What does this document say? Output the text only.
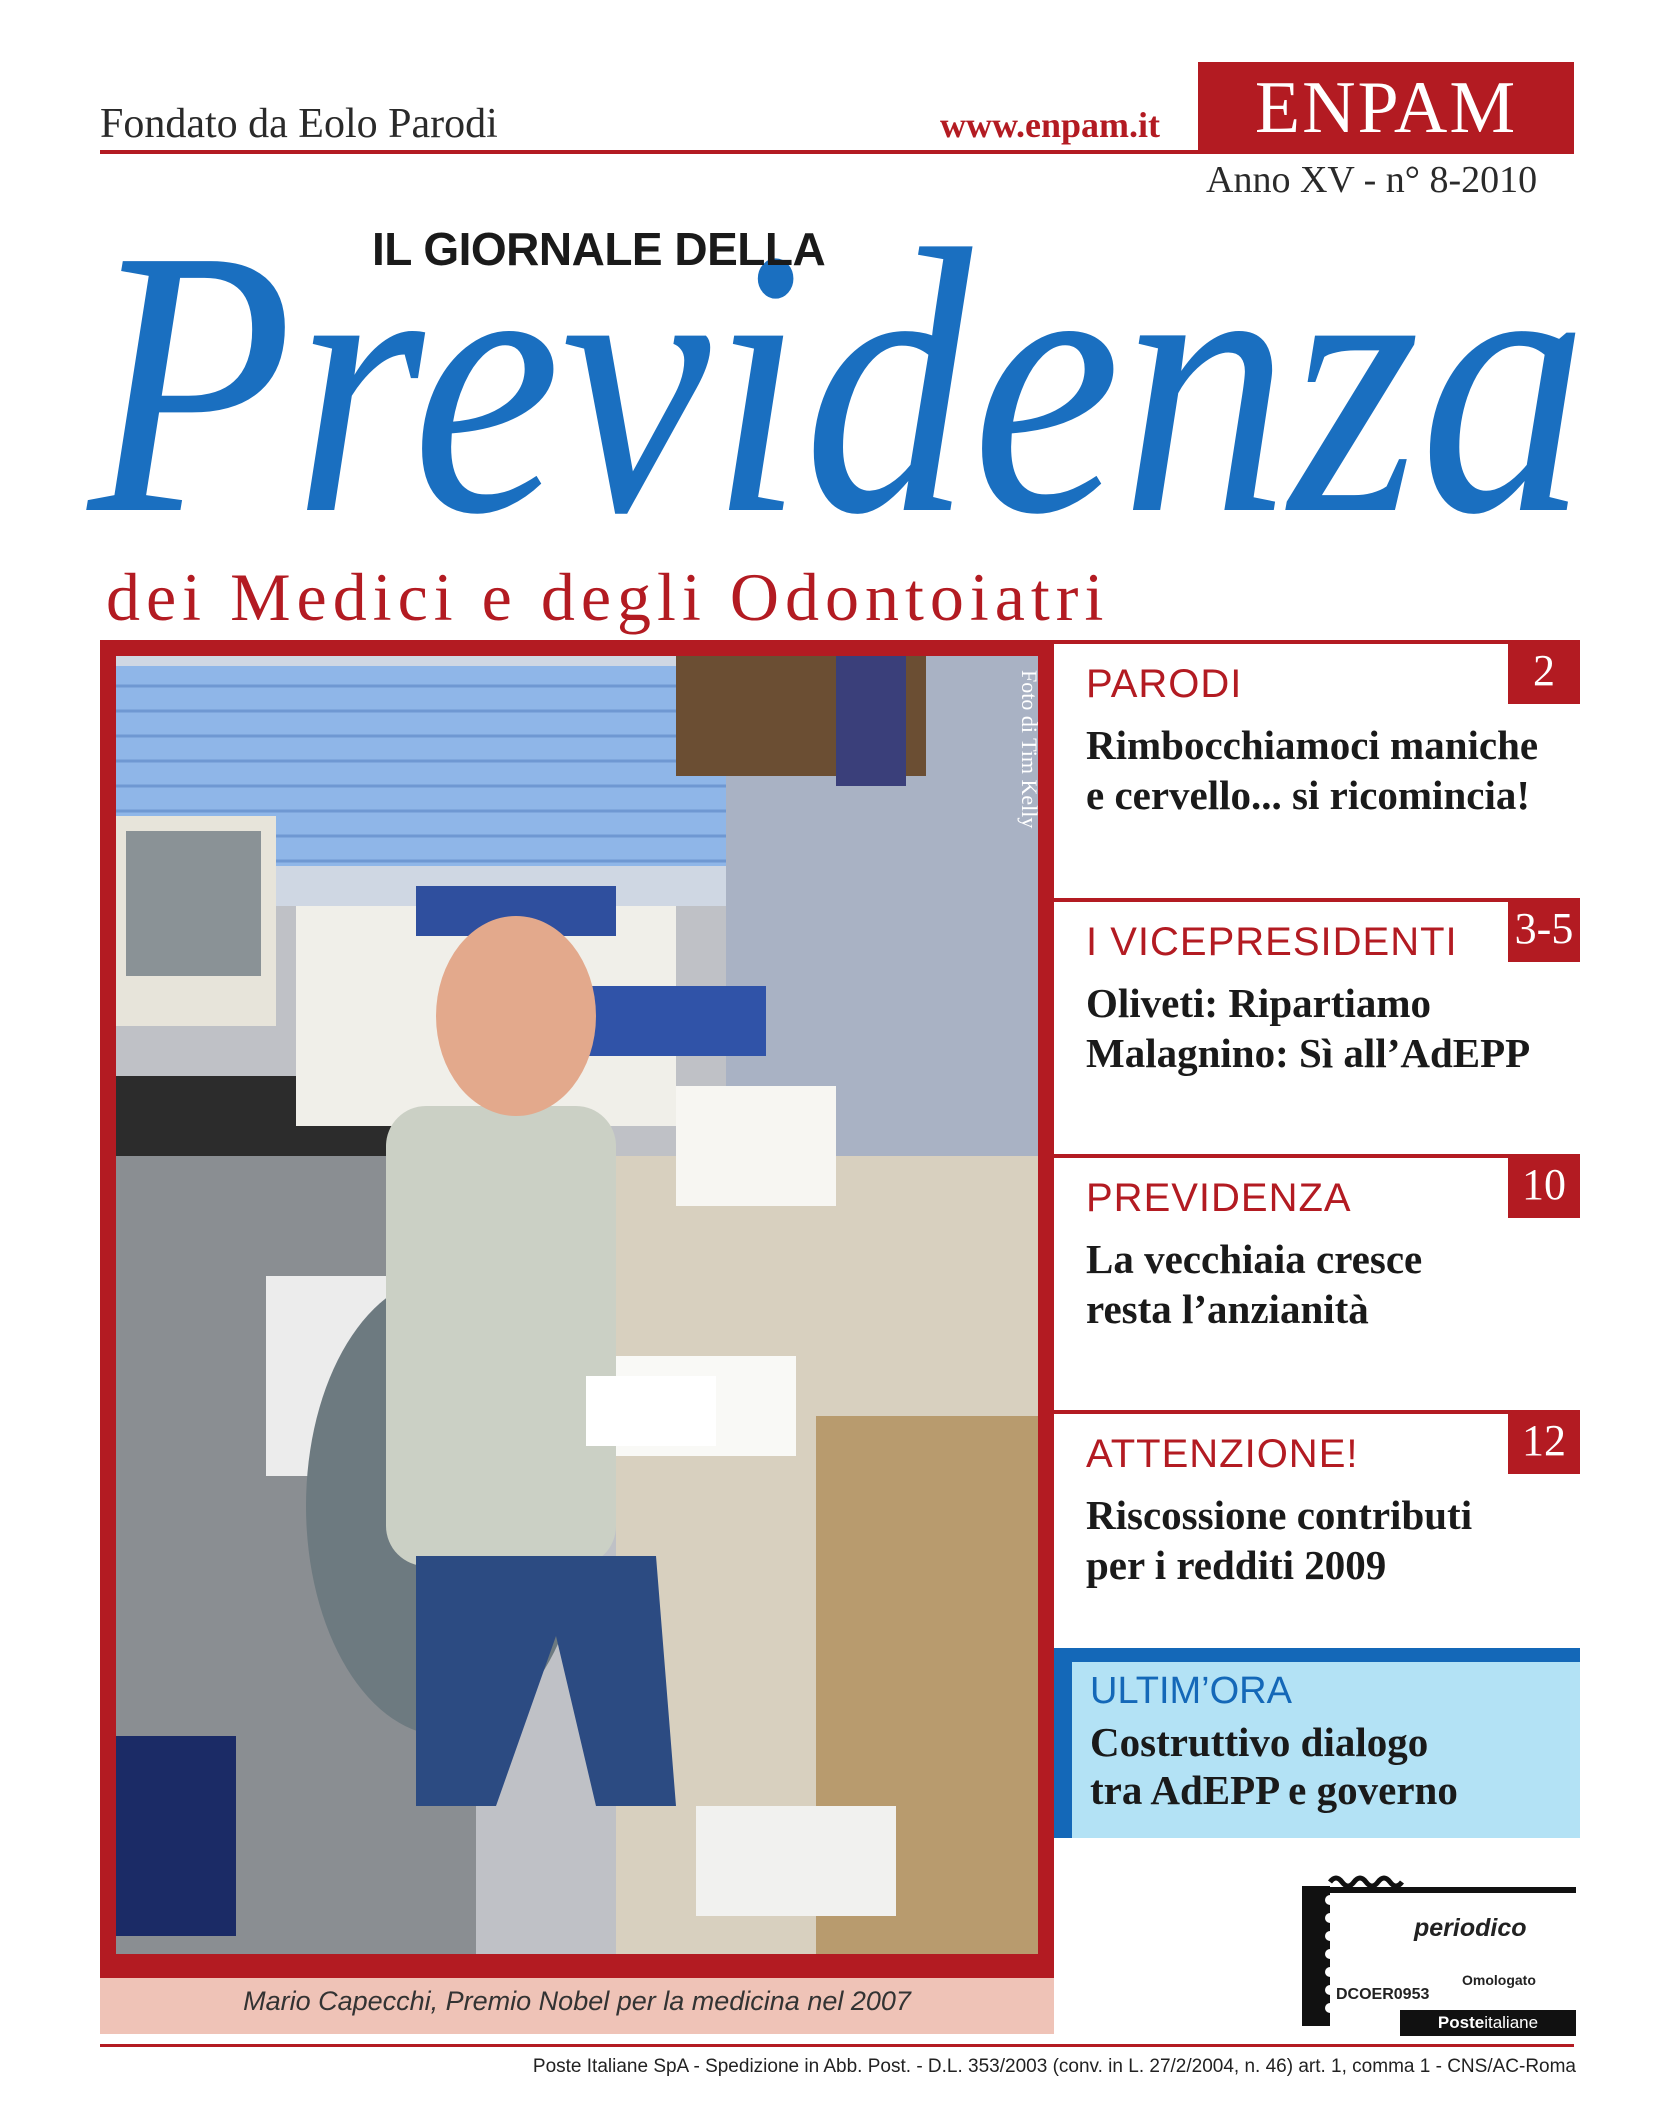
Fondato da Eolo Parodi	www.enpam.it	ENPAM
Anno XV - n° 8-2010
Previdenza
IL GIORNALE DELLA
dei Medici e degli Odontoiatri
Foto di Tim Kelly
Mario Capecchi, Premio Nobel per la medicina nel 2007
PARODI	2
Rimbocchiamoci maniche
e cervello... si ricomincia!
I VICEPRESIDENTI 3-5
Oliveti: Ripartiamo
Malagnino: Sì all’AdEPP
PREVIDENZA	10
La vecchiaia cresce
resta l’anzianità
ATTENZIONE!	12
Riscossione contributi
per i redditi 2009
ULTIM’ORA
Costruttivo dialogo
tra AdEPP e governo
periodico
Omologato
DCOER0953
Posteitaliane
Poste Italiane SpA - Spedizione in Abb. Post. - D.L. 353/2003 (conv. in L. 27/2/2004, n. 46) art. 1, comma 1 - CNS/AC-Roma
